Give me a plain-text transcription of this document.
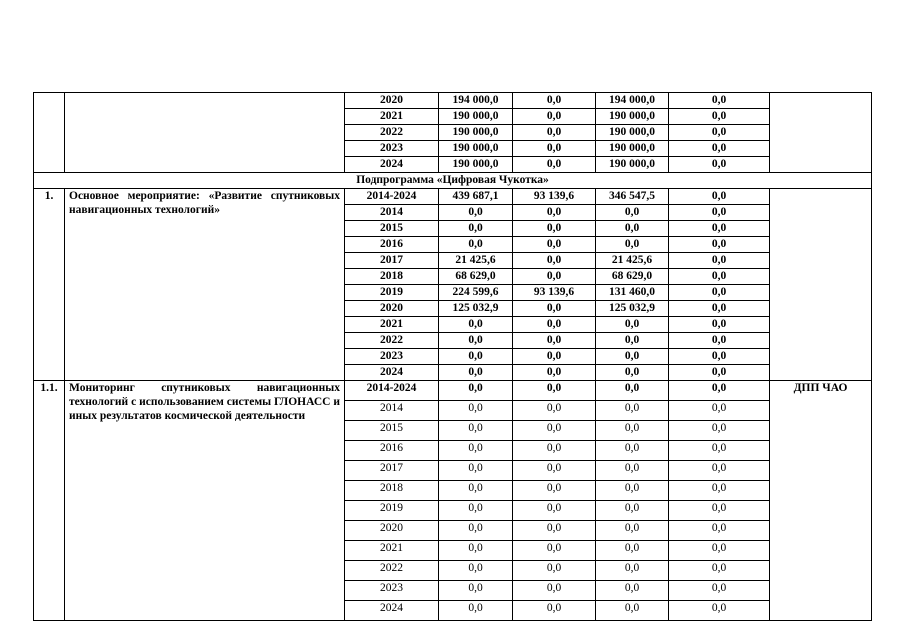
		2020	194 000,0	0,0	194 000,0	0,0	
		2021	190 000,0	0,0	190 000,0	0,0	
		2022	190 000,0	0,0	190 000,0	0,0	
		2023	190 000,0	0,0	190 000,0	0,0	
		2024	190 000,0	0,0	190 000,0	0,0	
Подпрограмма «Цифровая Чукотка»							
1.	Основное мероприятие: «Развитие спутниковых навигационных технологий»	2014-2024	439 687,1	93 139,6	346 547,5	0,0	
		2014	0,0	0,0	0,0	0,0	
		2015	0,0	0,0	0,0	0,0	
		2016	0,0	0,0	0,0	0,0	
		2017	21 425,6	0,0	21 425,6	0,0	
		2018	68 629,0	0,0	68 629,0	0,0	
		2019	224 599,6	93 139,6	131 460,0	0,0	
		2020	125 032,9	0,0	125 032,9	0,0	
		2021	0,0	0,0	0,0	0,0	
		2022	0,0	0,0	0,0	0,0	
		2023	0,0	0,0	0,0	0,0	
		2024	0,0	0,0	0,0	0,0	
1.1.	Мониторинг спутниковых навигационных технологий с использованием системы ГЛОНАСС и иных результатов космической деятельности	2014-2024	0,0	0,0	0,0	0,0	ДПП ЧАО
		2014	0,0	0,0	0,0	0,0	
		2015	0,0	0,0	0,0	0,0	
		2016	0,0	0,0	0,0	0,0	
		2017	0,0	0,0	0,0	0,0	
		2018	0,0	0,0	0,0	0,0	
		2019	0,0	0,0	0,0	0,0	
		2020	0,0	0,0	0,0	0,0	
		2021	0,0	0,0	0,0	0,0	
		2022	0,0	0,0	0,0	0,0	
		2023	0,0	0,0	0,0	0,0	
		2024	0,0	0,0	0,0	0,0	
